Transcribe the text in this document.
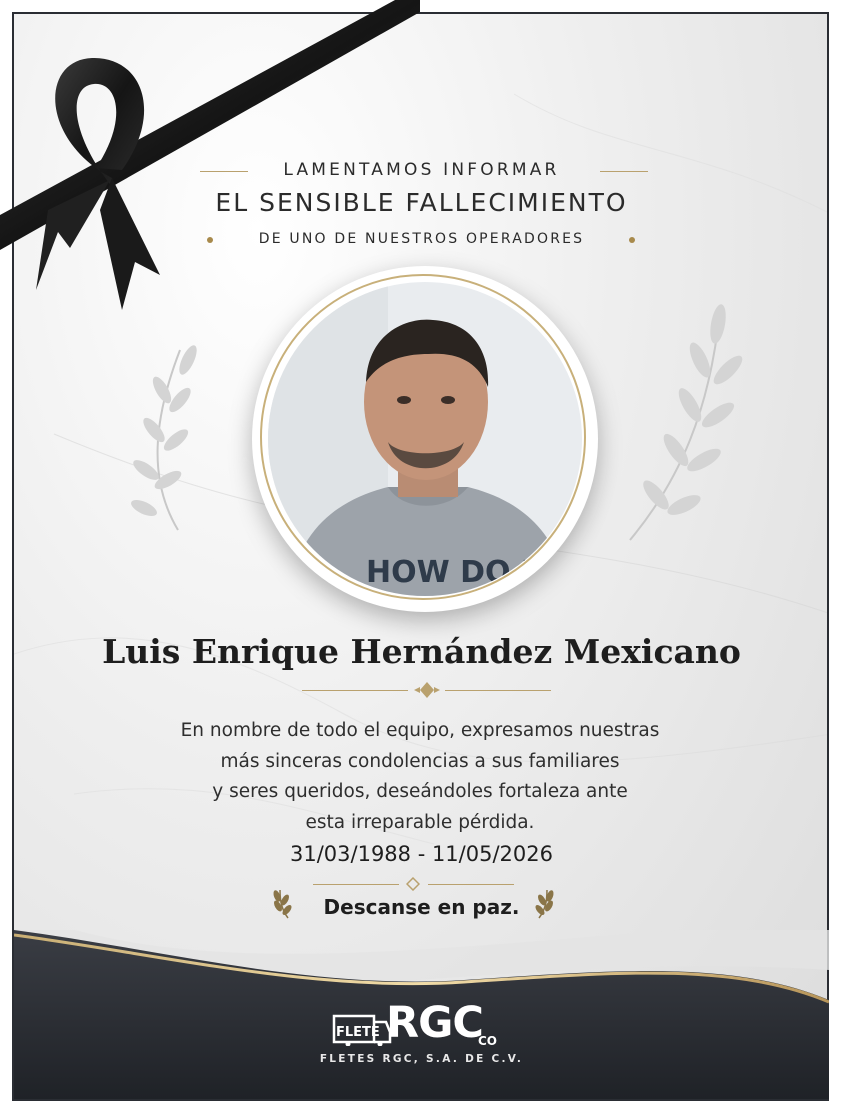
LAMENTAMOS INFORMAR
EL SENSIBLE FALLECIMIENTO
DE UNO DE NUESTROS OPERADORES
HOW DO I
Luis Enrique Hernández Mexicano
En nombre de todo el equipo, expresamos nuestras
más sinceras condolencias a sus familiares
y seres queridos, deseándoles fortaleza ante
esta irreparable pérdida.
31/03/1988 - 11/05/2026
Descanse en paz.
FLETE RGC
CO
FLETES RGC, S.A. DE C.V.
